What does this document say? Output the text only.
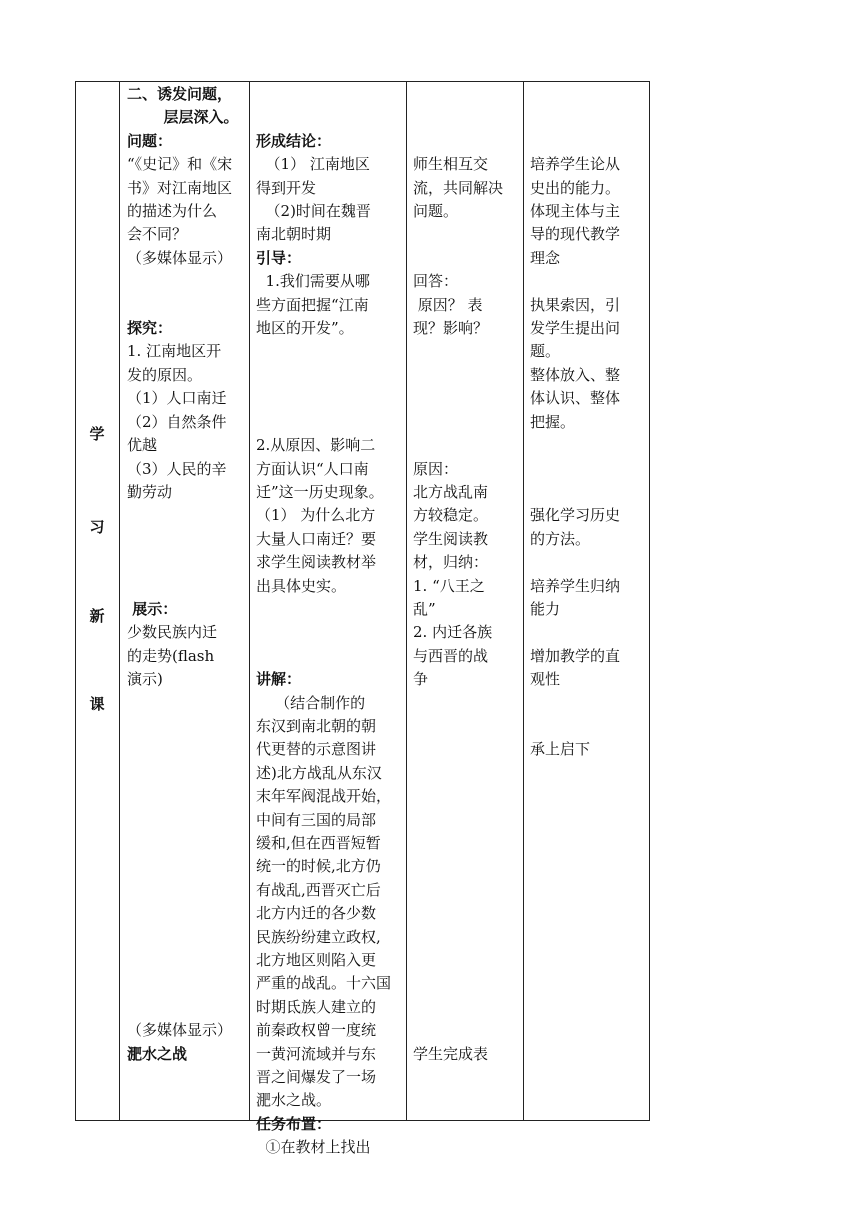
学
习
新
课
二、诱发问题，
层层深入。
问题：
“《史记》和《宋
书》对江南地区
的描述为什么
会不同？
（多媒体显示）

探究：
1. 江南地区开
发的原因。
（1）人口南迁
（2）自然条件
优越
（3）人民的辛
勤劳动

展示：
少数民族内迁
的走势(flash
演示)

（多媒体显示）
淝水之战

形成结论：
（1） 江南地区
得到开发
（2)时间在魏晋
南北朝时期
引导：
1.我们需要从哪
些方面把握“江南
地区的开发”。

2.从原因、影响二
方面认识“人口南
迁”这一历史现象。
（1） 为什么北方
大量人口南迁？要
求学生阅读教材举
出具体史实。

讲解：
（结合制作的
东汉到南北朝的朝
代更替的示意图讲
述)北方战乱从东汉
末年军阀混战开始，
中间有三国的局部
缓和,但在西晋短暂
统一的时候,北方仍
有战乱,西晋灭亡后
北方内迁的各少数
民族纷纷建立政权,
北方地区则陷入更
严重的战乱。十六国
时期氐族人建立的
前秦政权曾一度统
一黄河流域并与东
晋之间爆发了一场
淝水之战。
任务布置：
①在教材上找出

师生相互交
流，共同解决
问题。

回答：
原因？ 表
现？影响？

原因：
北方战乱南
方较稳定。
学生阅读教
材，归纳：
1. “八王之
乱”
2. 内迁各族
与西晋的战
争

学生完成表

培养学生论从
史出的能力。
体现主体与主
导的现代教学
理念

执果索因，引
发学生提出问
题。
整体放入、整
体认识、整体
把握。

强化学习历史
的方法。

培养学生归纳
能力

增加教学的直
观性

承上启下
